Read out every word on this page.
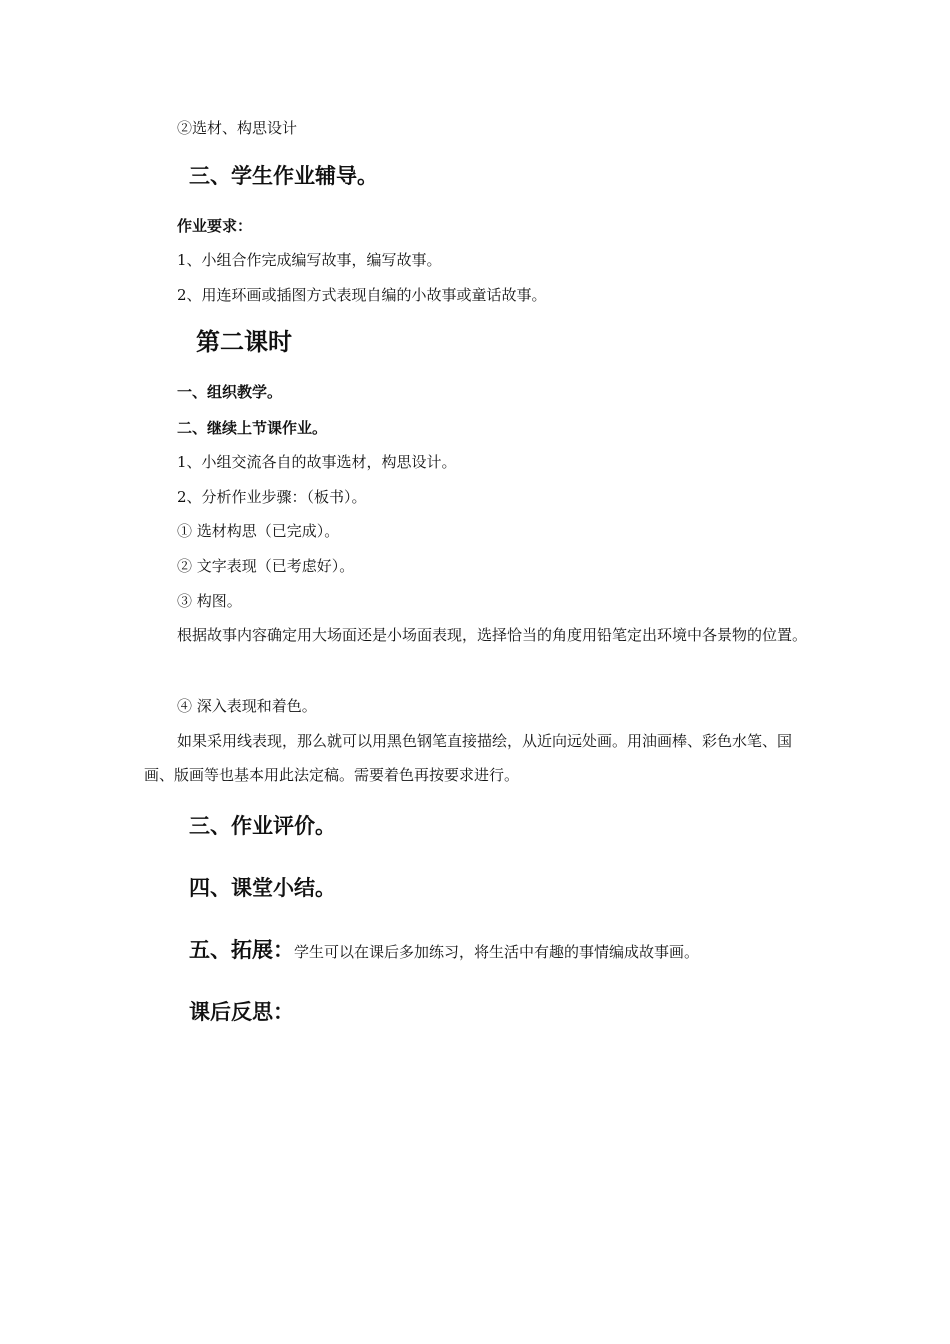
②选材、构思设计
三、学生作业辅导。
作业要求：
1、小组合作完成编写故事，编写故事。
2、用连环画或插图方式表现自编的小故事或童话故事。
第二课时
一、组织教学。
二、继续上节课作业。
1、小组交流各自的故事选材，构思设计。
2、分析作业步骤：（板书）。
① 选材构思（已完成）。
② 文字表现（已考虑好）。
③ 构图。
根据故事内容确定用大场面还是小场面表现，选择恰当的角度用铅笔定出环境中各景物的位置。
④ 深入表现和着色。
如果采用线表现，那么就可以用黑色钢笔直接描绘，从近向远处画。用油画棒、彩色水笔、国画、版画等也基本用此法定稿。需要着色再按要求进行。
三、作业评价。
四、课堂小结。
五、拓展：学生可以在课后多加练习，将生活中有趣的事情编成故事画。
课后反思：
